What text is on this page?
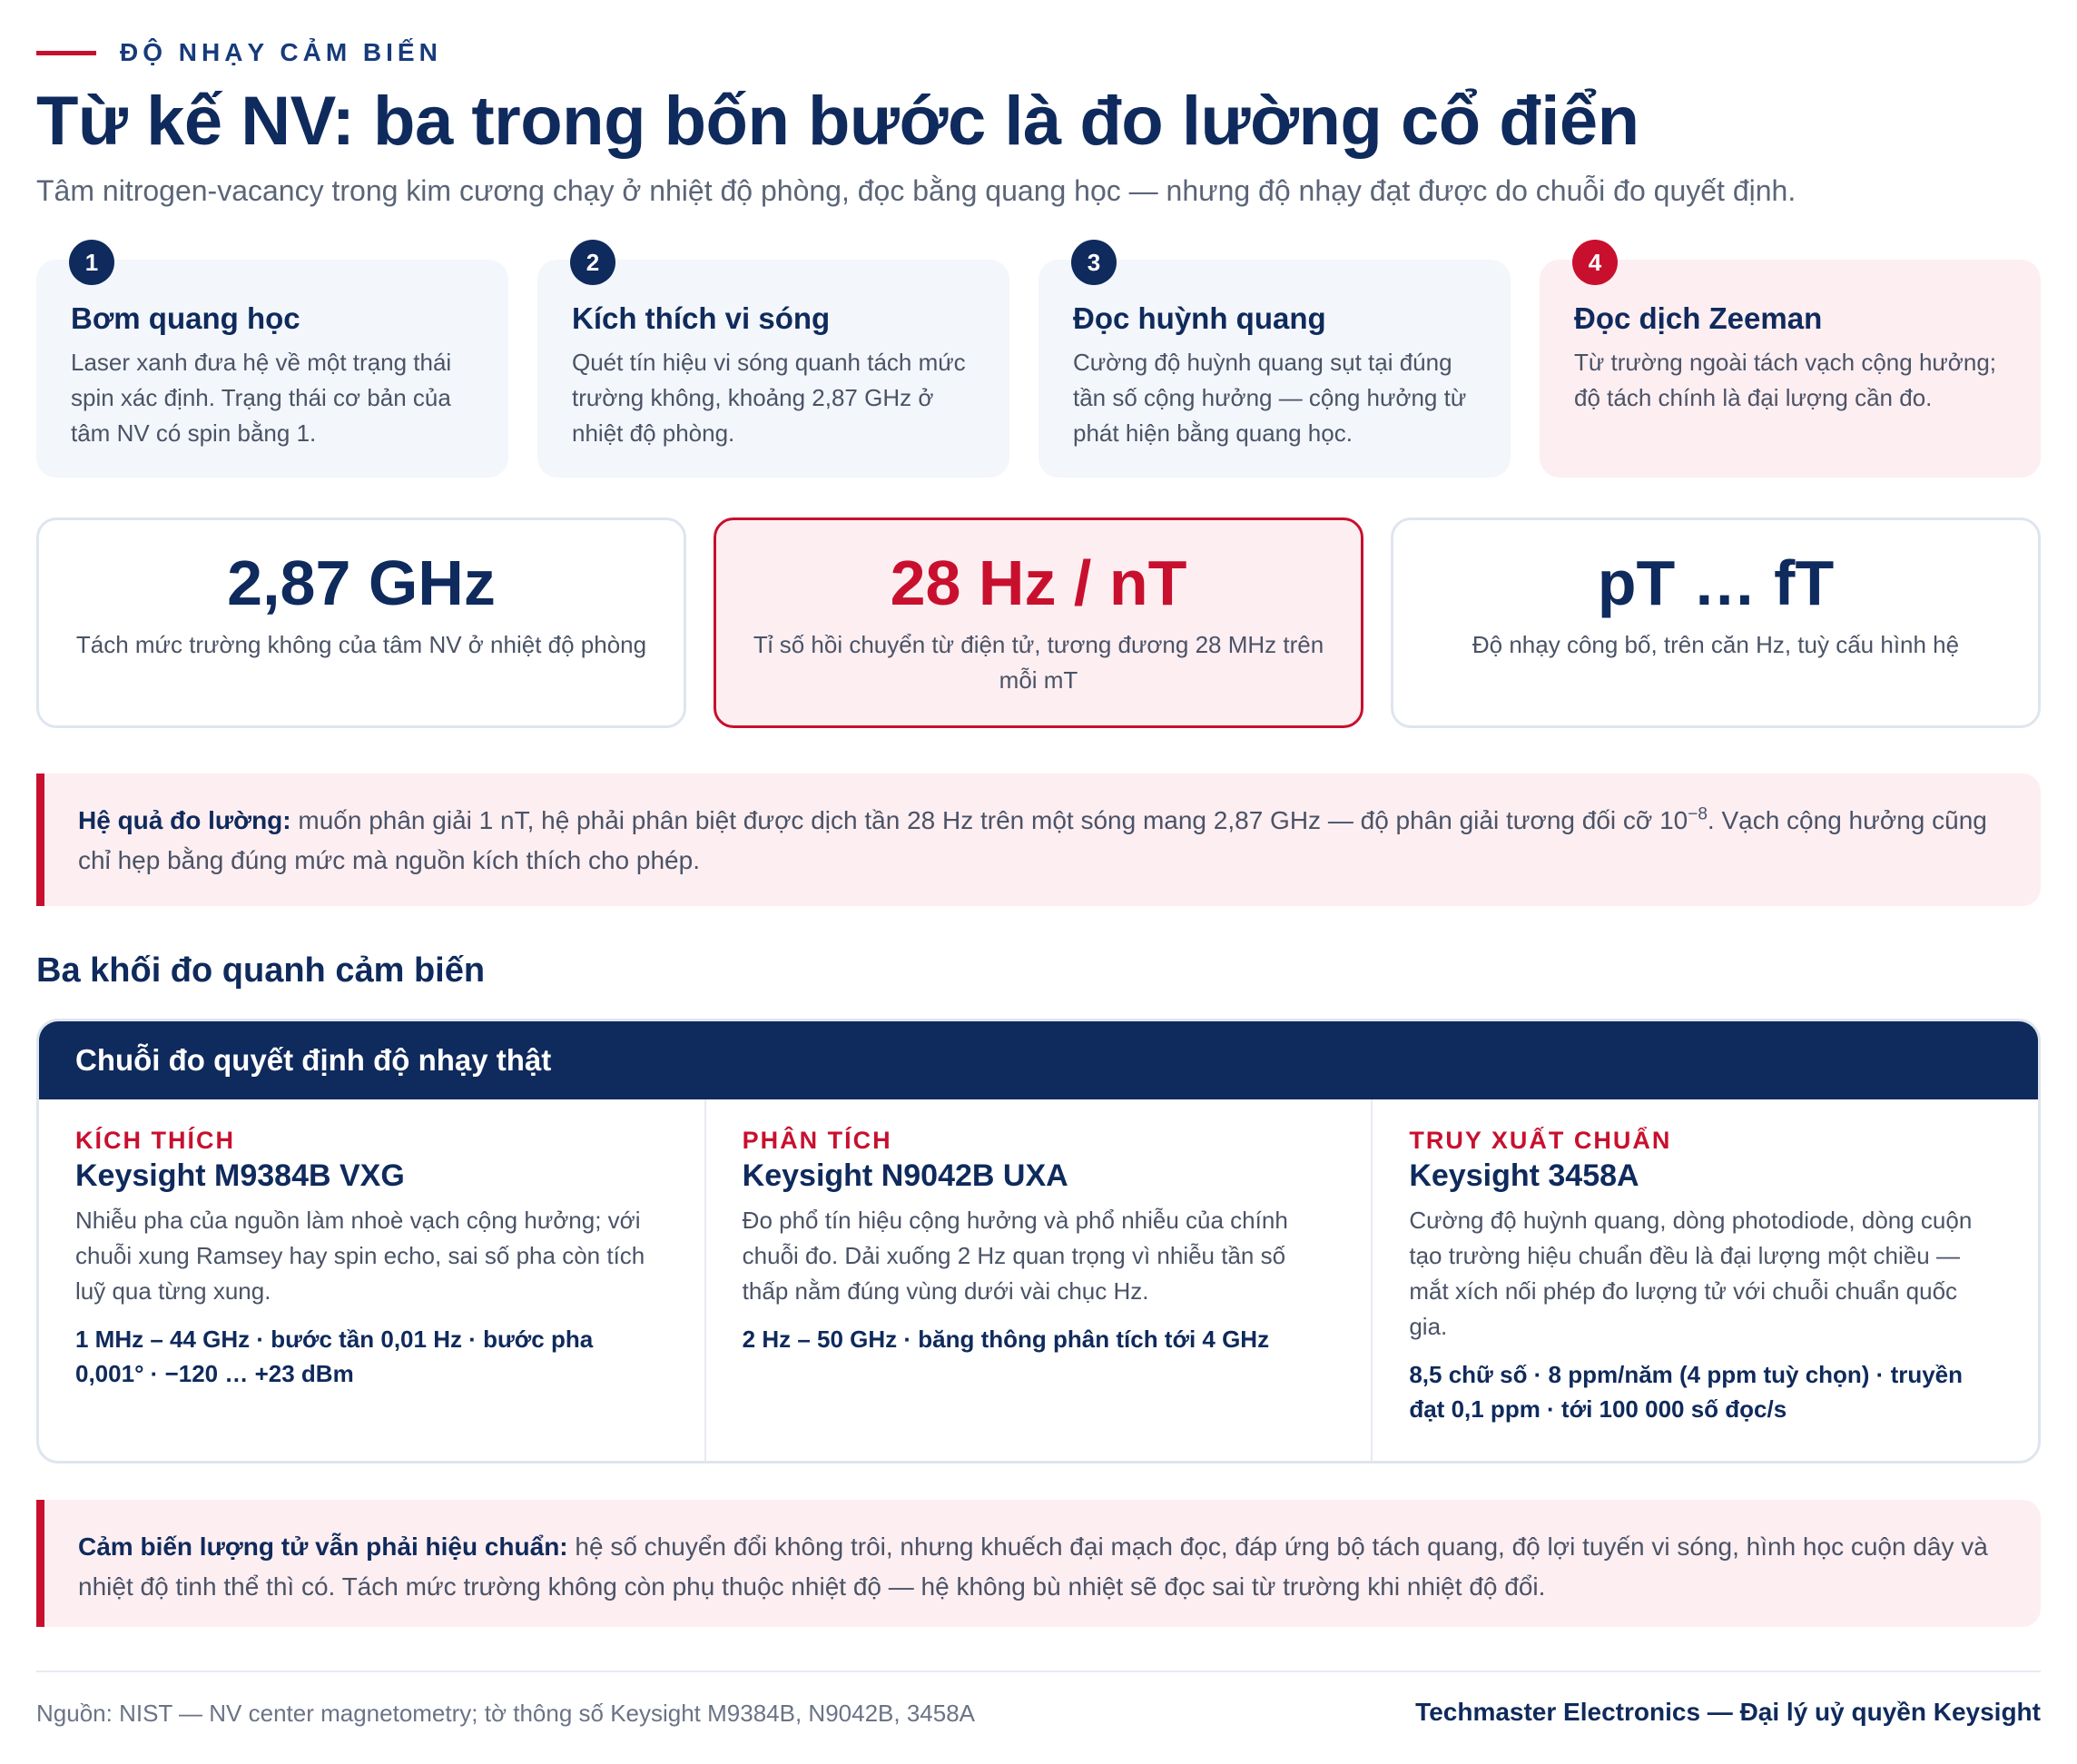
ĐỘ NHẠY CẢM BIẾN
Từ kế NV: ba trong bốn bước là đo lường cổ điển

Tâm nitrogen-vacancy trong kim cương chạy ở nhiệt độ phòng, đọc bằng quang học — nhưng độ nhạy đạt được do chuỗi đo quyết định.

1
Bơm quang học

Laser xanh đưa hệ về một trạng thái spin xác định. Trạng thái cơ bản của tâm NV có spin bằng 1.

2
Kích thích vi sóng

Quét tín hiệu vi sóng quanh tách mức trường không, khoảng 2,87 GHz ở nhiệt độ phòng.

3
Đọc huỳnh quang

Cường độ huỳnh quang sụt tại đúng tần số cộng hưởng — cộng hưởng từ phát hiện bằng quang học.

4
Đọc dịch Zeeman

Từ trường ngoài tách vạch cộng hưởng; độ tách chính là đại lượng cần đo.

2,87 GHz
Tách mức trường không của tâm NV ở nhiệt độ phòng
28 Hz / nT
Tỉ số hồi chuyển từ điện tử, tương đương 28 MHz trên mỗi mT
pT … fT
Độ nhạy công bố, trên căn Hz, tuỳ cấu hình hệ
Hệ quả đo lường: muốn phân giải 1 nT, hệ phải phân biệt được dịch tần 28 Hz trên một sóng mang 2,87 GHz — độ phân giải tương đối cỡ $10^{-8}$. Vạch cộng hưởng cũng chỉ hẹp bằng đúng mức mà nguồn kích thích cho phép.
Ba khối đo quanh cảm biến
Chuỗi đo quyết định độ nhạy thật
KÍCH THÍCH
Keysight M9384B VXG
Nhiễu pha của nguồn làm nhoè vạch cộng hưởng; với chuỗi xung Ramsey hay spin echo, sai số pha còn tích luỹ qua từng xung.
1 MHz – 44 GHz · bước tần 0,01 Hz · bước pha 0,001° · −120 … +23 dBm
PHÂN TÍCH
Keysight N9042B UXA
Đo phổ tín hiệu cộng hưởng và phổ nhiễu của chính chuỗi đo. Dải xuống 2 Hz quan trọng vì nhiễu tần số thấp nằm đúng vùng dưới vài chục Hz.
2 Hz – 50 GHz · băng thông phân tích tới 4 GHz
TRUY XUẤT CHUẨN
Keysight 3458A
Cường độ huỳnh quang, dòng photodiode, dòng cuộn tạo trường hiệu chuẩn đều là đại lượng một chiều — mắt xích nối phép đo lượng tử với chuỗi chuẩn quốc gia.
8,5 chữ số · 8 ppm/năm (4 ppm tuỳ chọn) · truyền đạt 0,1 ppm · tới 100 000 số đọc/s
Cảm biến lượng tử vẫn phải hiệu chuẩn: hệ số chuyển đổi không trôi, nhưng khuếch đại mạch đọc, đáp ứng bộ tách quang, độ lợi tuyến vi sóng, hình học cuộn dây và nhiệt độ tinh thể thì có. Tách mức trường không còn phụ thuộc nhiệt độ — hệ không bù nhiệt sẽ đọc sai từ trường khi nhiệt độ đổi.
Nguồn: NIST — NV center magnetometry; tờ thông số Keysight M9384B, N9042B, 3458A	Techmaster Electronics — Đại lý uỷ quyền Keysight
